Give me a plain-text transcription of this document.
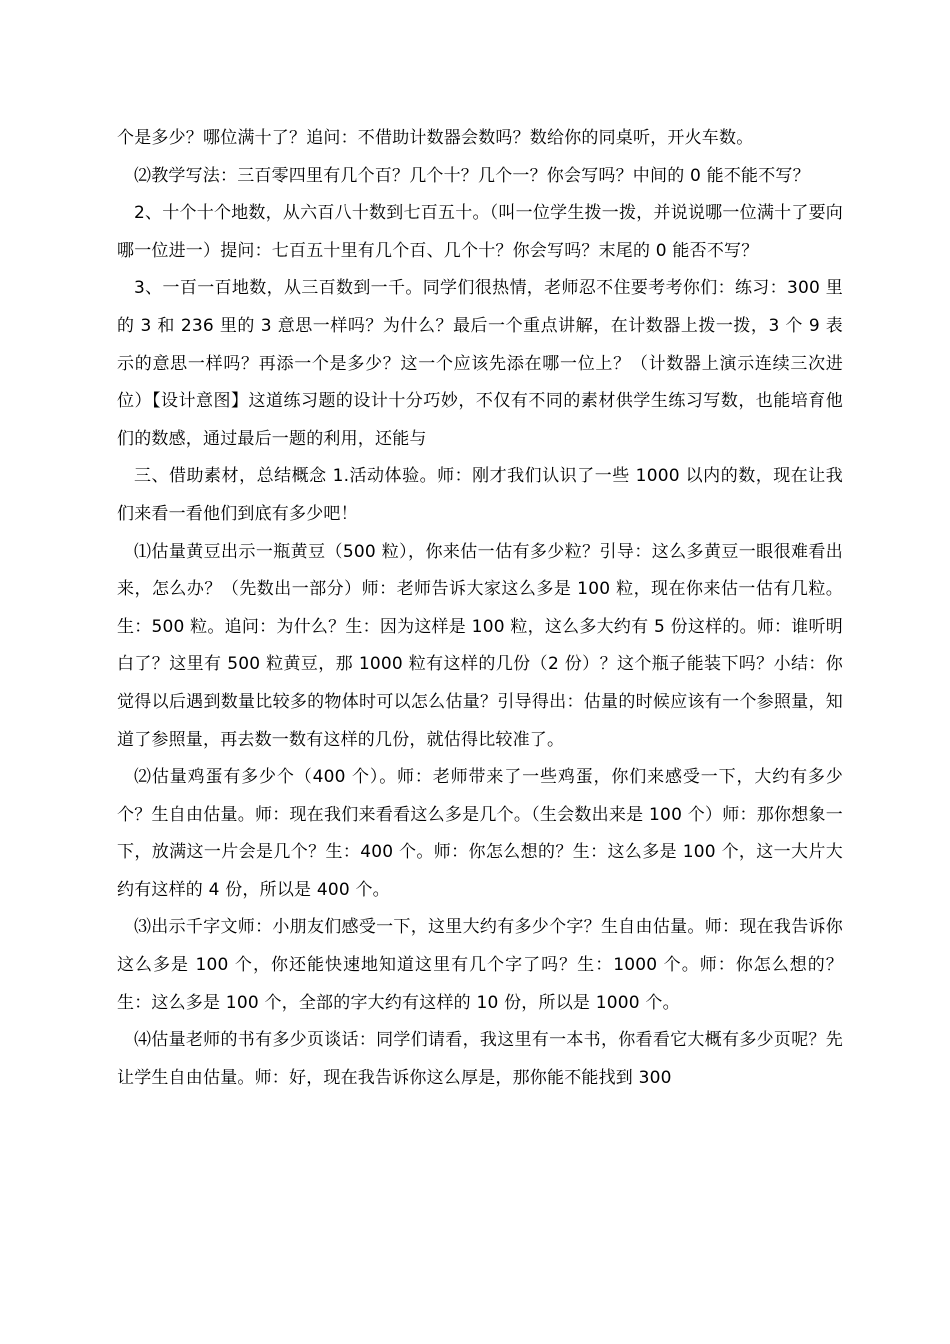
个是多少？哪位满十了？追问：不借助计数器会数吗？数给你的同桌听，开火车数。

⑵教学写法：三百零四里有几个百？几个十？几个一？你会写吗？中间的 0 能不能不写？

2、十个十个地数，从六百八十数到七百五十。（叫一位学生拨一拨，并说说哪一位满十了要向哪一位进一）提问：七百五十里有几个百、几个十？你会写吗？末尾的 0 能否不写？

3、一百一百地数，从三百数到一千。同学们很热情，老师忍不住要考考你们：练习：300 里的 3 和 236 里的 3 意思一样吗？为什么？最后一个重点讲解，在计数器上拨一拨，3 个 9 表示的意思一样吗？再添一个是多少？这一个应该先添在哪一位上？（计数器上演示连续三次进位）【设计意图】这道练习题的设计十分巧妙，不仅有不同的素材供学生练习写数，也能培育他们的数感，通过最后一题的利用，还能与

三、借助素材，总结概念 1.活动体验。师：刚才我们认识了一些 1000 以内的数，现在让我们来看一看他们到底有多少吧！

⑴估量黄豆出示一瓶黄豆（500 粒），你来估一估有多少粒？引导：这么多黄豆一眼很难看出来，怎么办？（先数出一部分）师：老师告诉大家这么多是 100 粒，现在你来估一估有几粒。生：500 粒。追问：为什么？生：因为这样是 100 粒，这么多大约有 5 份这样的。师：谁听明白了？这里有 500 粒黄豆，那 1000 粒有这样的几份（2 份）？这个瓶子能装下吗？小结：你觉得以后遇到数量比较多的物体时可以怎么估量？引导得出：估量的时候应该有一个参照量，知道了参照量，再去数一数有这样的几份，就估得比较准了。

⑵估量鸡蛋有多少个（400 个）。师：老师带来了一些鸡蛋，你们来感受一下，大约有多少个？生自由估量。师：现在我们来看看这么多是几个。（生会数出来是 100 个）师：那你想象一下，放满这一片会是几个？生：400 个。师：你怎么想的？生：这么多是 100 个，这一大片大约有这样的 4 份，所以是 400 个。

⑶出示千字文师：小朋友们感受一下，这里大约有多少个字？生自由估量。师：现在我告诉你这么多是 100 个，你还能快速地知道这里有几个字了吗？生：1000 个。师：你怎么想的？生：这么多是 100 个，全部的字大约有这样的 10 份，所以是 1000 个。

⑷估量老师的书有多少页谈话：同学们请看，我这里有一本书，你看看它大概有多少页呢？先让学生自由估量。师：好，现在我告诉你这么厚是，那你能不能找到 300
